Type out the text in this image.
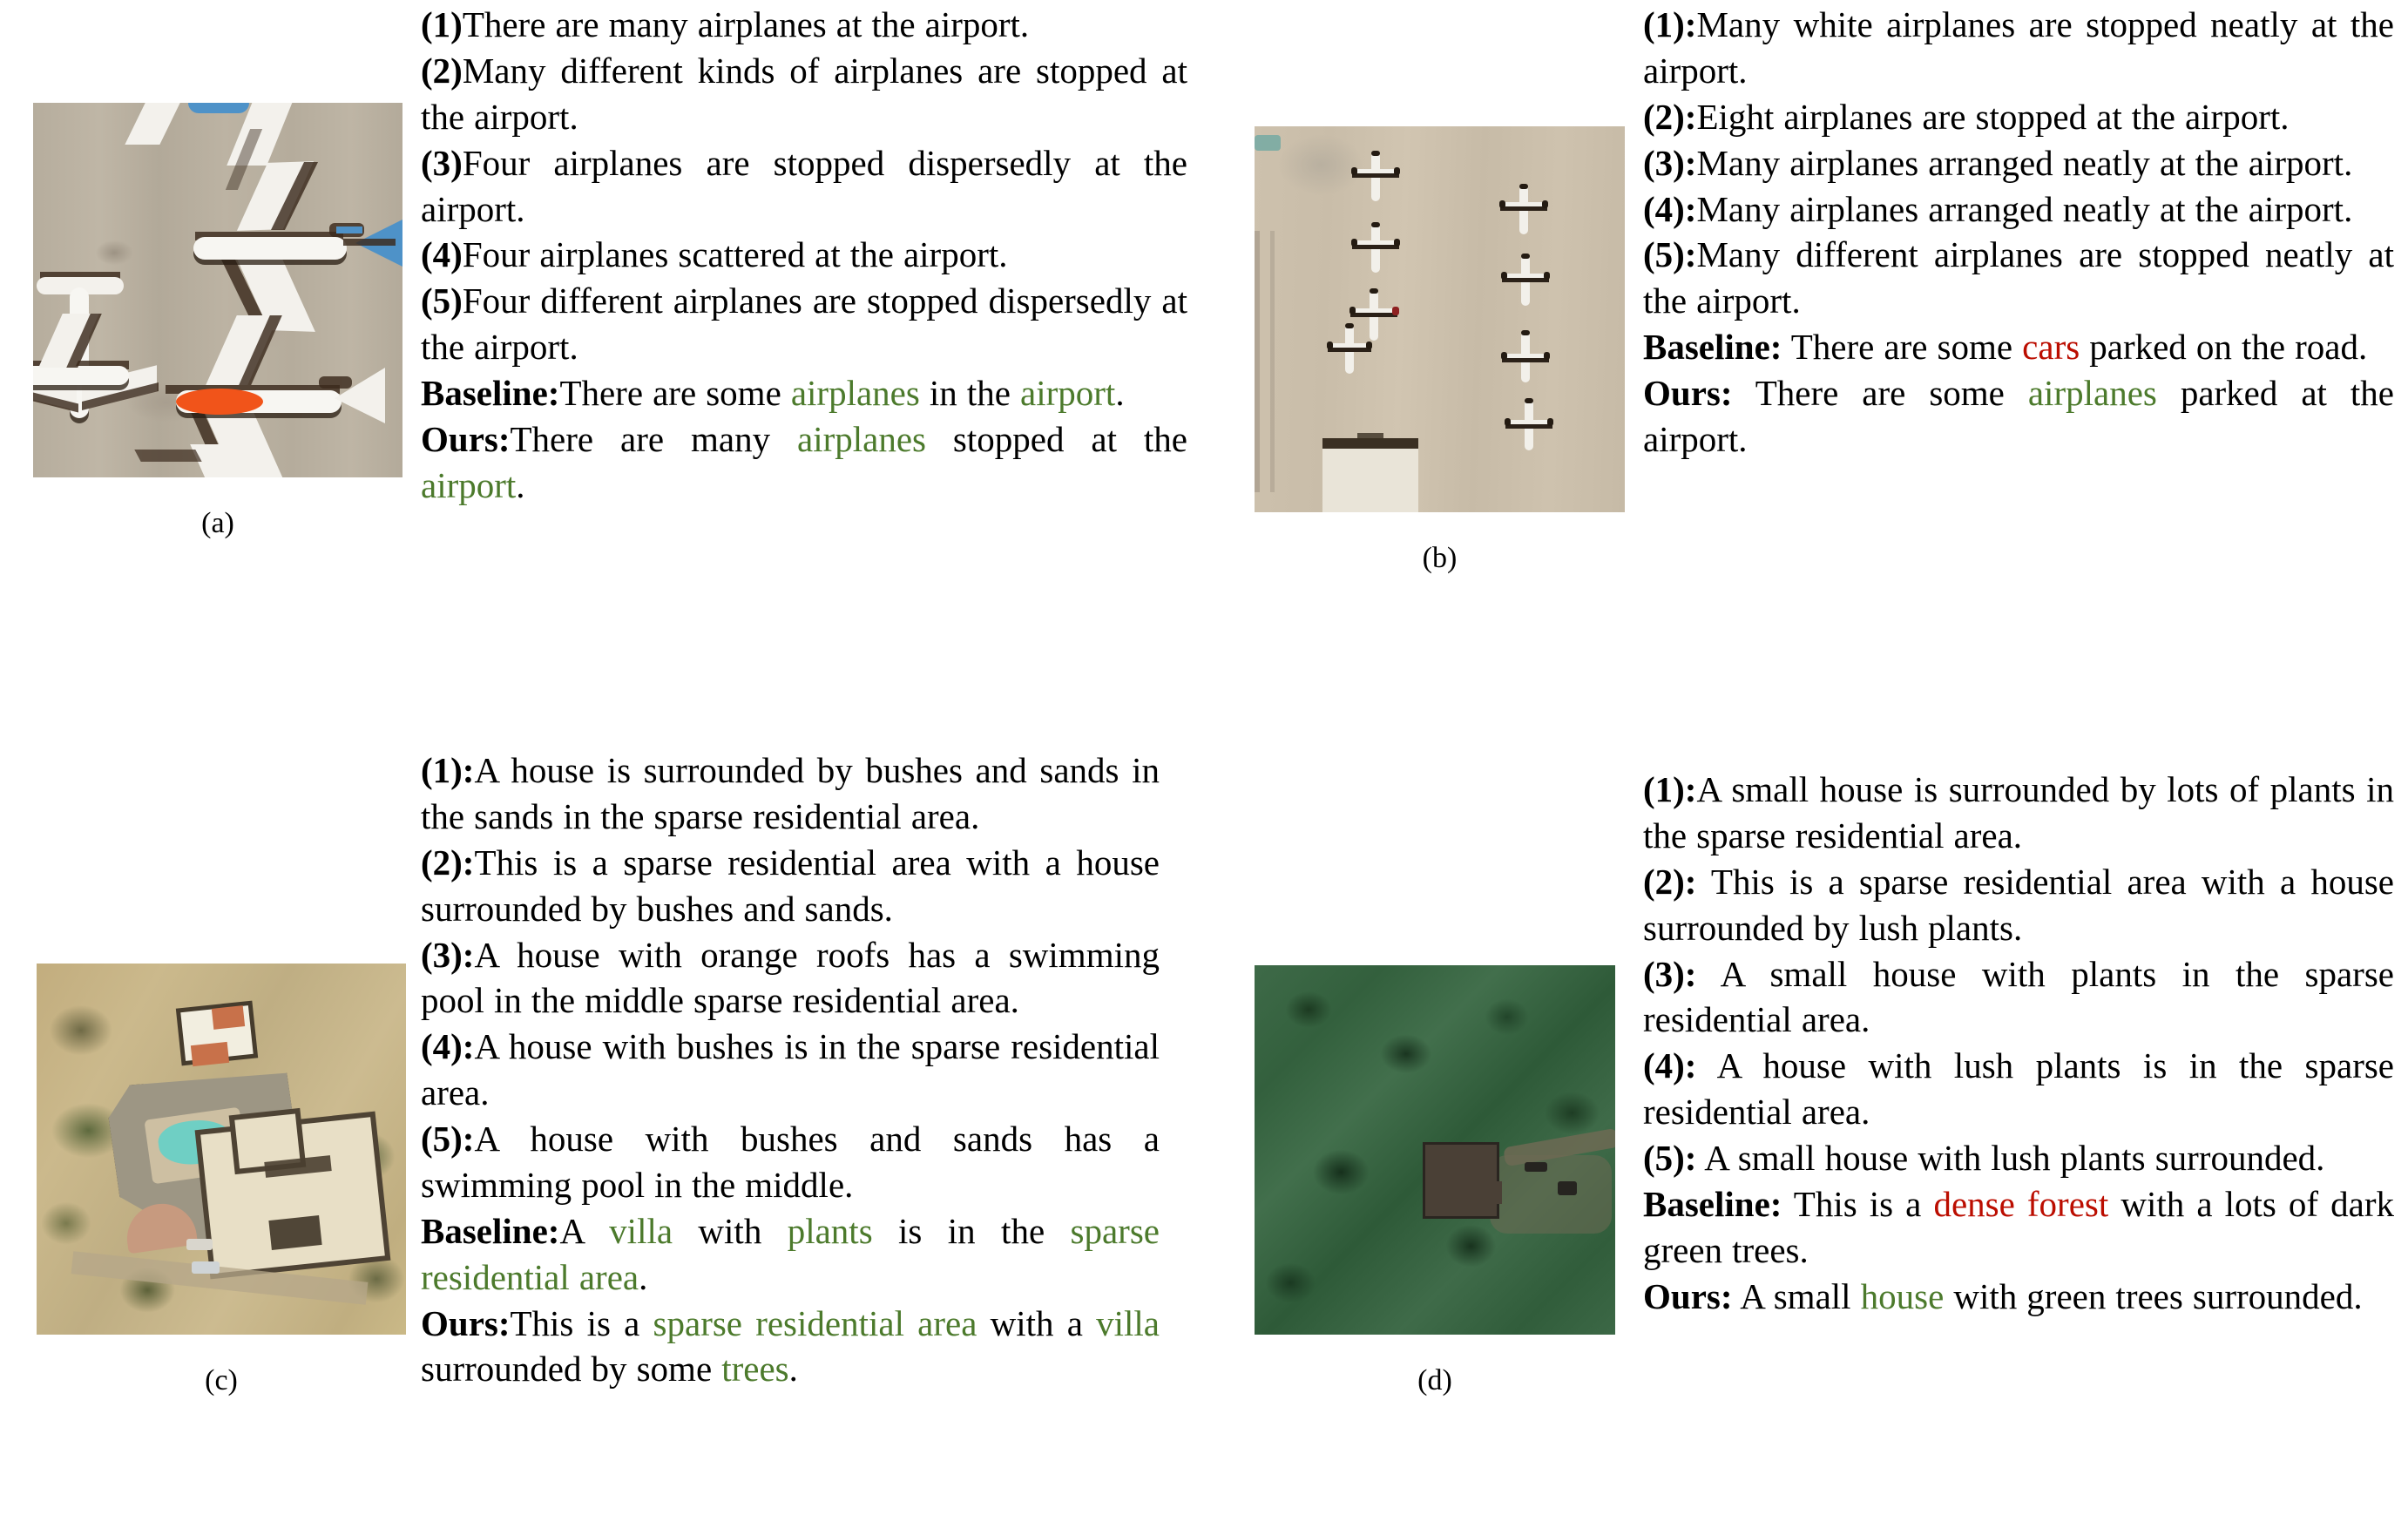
(a)

(1)There are many airplanes at the airport.

(2)Many different kinds of airplanes are stopped at the airport.

(3)Four airplanes are stopped dispersedly at the airport.

(4)Four airplanes scattered at the airport.

(5)Four different airplanes are stopped dispersedly at the airport.

Baseline:There are some airplanes in the airport.

Ours:There are many airplanes stopped at the airport.

(b)

(1):Many white airplanes are stopped neatly at the airport.

(2):Eight airplanes are stopped at the airport.

(3):Many airplanes arranged neatly at the airport.

(4):Many airplanes arranged neatly at the airport.

(5):Many different airplanes are stopped neatly at the airport.

Baseline: There are some cars parked on the road.

Ours: There are some airplanes parked at the airport.

(c)

(1):A house is surrounded by bushes and sands in the sands in the sparse residential area.

(2):This is a sparse residential area with a house surrounded by bushes and sands.

(3):A house with orange roofs has a swimming pool in the middle sparse residential area.

(4):A house with bushes is in the sparse residential area.

(5):A house with bushes and sands has a swimming pool in the middle.

Baseline:A villa with plants is in the sparse residential area.

Ours:This is a sparse residential area with a villa surrounded by some trees.	(d)

(1):A small house is surrounded by lots of plants in the sparse residential area.

(2): This is a sparse residential area with a house surrounded by lush plants.

(3): A small house with plants in the sparse residential area.

(4): A house with lush plants is in the sparse residential area.

(5): A small house with lush plants surrounded.

Baseline: This is a dense forest with a lots of dark green trees.

Ours: A small house with green trees surrounded.
